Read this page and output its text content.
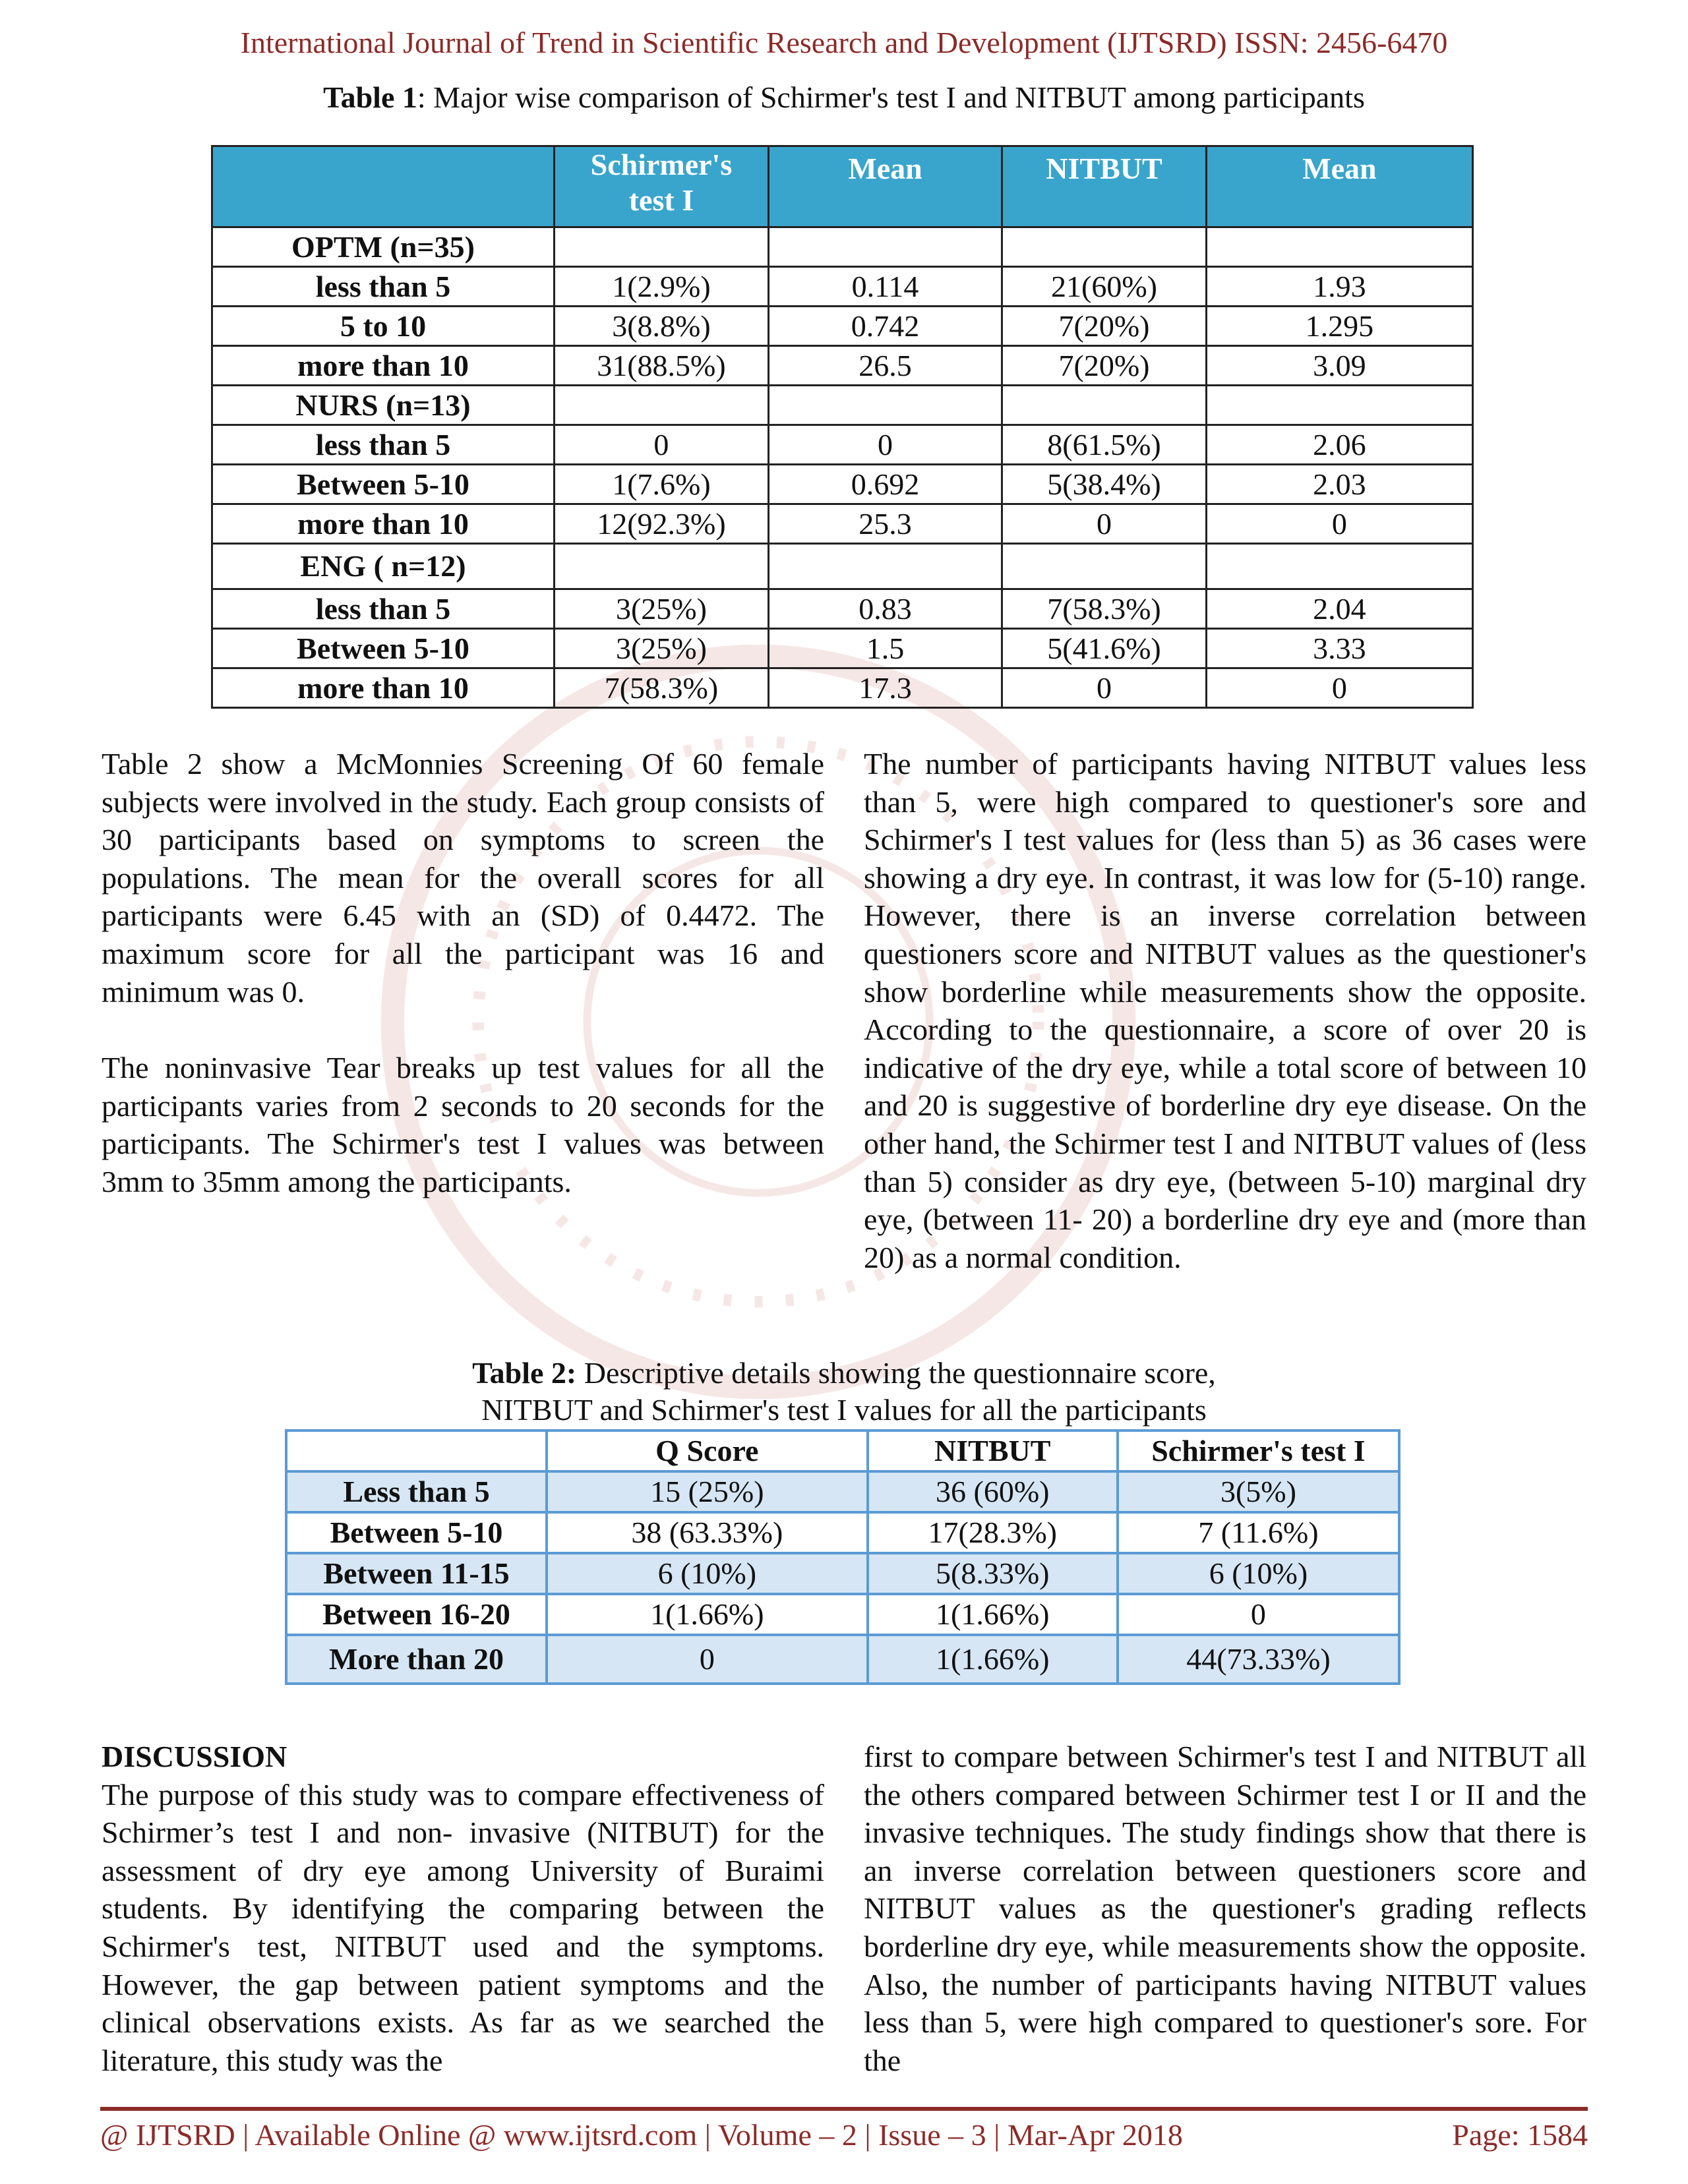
International Journal of Trend in Scientific Research and Development (IJTSRD) ISSN: 2456-6470
Table 1: Major wise comparison of Schirmer's test I and NITBUT among participants
	Schirmer's test I	Mean	NITBUT	Mean
OPTM (n=35)				
less than 5	1(2.9%)	0.114	21(60%)	1.93
5 to 10	3(8.8%)	0.742	7(20%)	1.295
more than 10	31(88.5%)	26.5	7(20%)	3.09
NURS (n=13)				
less than 5	0	0	8(61.5%)	2.06
Between 5-10	1(7.6%)	0.692	5(38.4%)	2.03
more than 10	12(92.3%)	25.3	0	0
ENG ( n=12)				
less than 5	3(25%)	0.83	7(58.3%)	2.04
Between 5-10	3(25%)	1.5	5(41.6%)	3.33
more than 10	7(58.3%)	17.3	0	0

Table 2 show a McMonnies Screening Of 60 female subjects were involved in the study. Each group consists of 30 participants based on symptoms to screen the populations. The mean for the overall scores for all participants were 6.45 with an (SD) of 0.4472. The maximum score for all the participant was 16 and minimum was 0.

The noninvasive Tear breaks up test values for all the participants varies from 2 seconds to 20 seconds for the participants. The Schirmer's test I values was between 3mm to 35mm among the participants.

The number of participants having NITBUT values less than 5, were high compared to questioner's sore and Schirmer's I test values for (less than 5) as 36 cases were showing a dry eye. In contrast, it was low for (5-10) range. However, there is an inverse correlation between questioners score and NITBUT values as the questioner's show borderline while measurements show the opposite. According to the questionnaire, a score of over 20 is indicative of the dry eye, while a total score of between 10 and 20 is suggestive of borderline dry eye disease. On the other hand, the Schirmer test I and NITBUT values of (less than 5) consider as dry eye, (between 5-10) marginal dry eye, (between 11- 20) a borderline dry eye and (more than 20) as a normal condition.

Table 2: Descriptive details showing the questionnaire score,
NITBUT and Schirmer's test I values for all the participants
	Q Score	NITBUT	Schirmer's test I
Less than 5	15 (25%)	36 (60%)	3(5%)
Between 5-10	38 (63.33%)	17(28.3%)	7 (11.6%)
Between 11-15	6 (10%)	5(8.33%)	6 (10%)
Between 16-20	1(1.66%)	1(1.66%)	0
More than 20	0	1(1.66%)	44(73.33%)

DISCUSSION

The purpose of this study was to compare effectiveness of Schirmer’s test I and non- invasive (NITBUT) for the assessment of dry eye among University of Buraimi students. By identifying the comparing between the Schirmer's test, NITBUT used and the symptoms. However, the gap between patient symptoms and the clinical observations exists. As far as we searched the literature, this study was the

first to compare between Schirmer's test I and NITBUT all the others compared between Schirmer test I or II and the invasive techniques. The study findings show that there is an inverse correlation between questioners score and NITBUT values as the questioner's grading reflects borderline dry eye, while measurements show the opposite. Also, the number of participants having NITBUT values less than 5, were high compared to questioner's sore. For the

@ IJTSRD | Available Online @ www.ijtsrd.com | Volume – 2 | Issue – 3 | Mar-Apr 2018	Page: 1584
